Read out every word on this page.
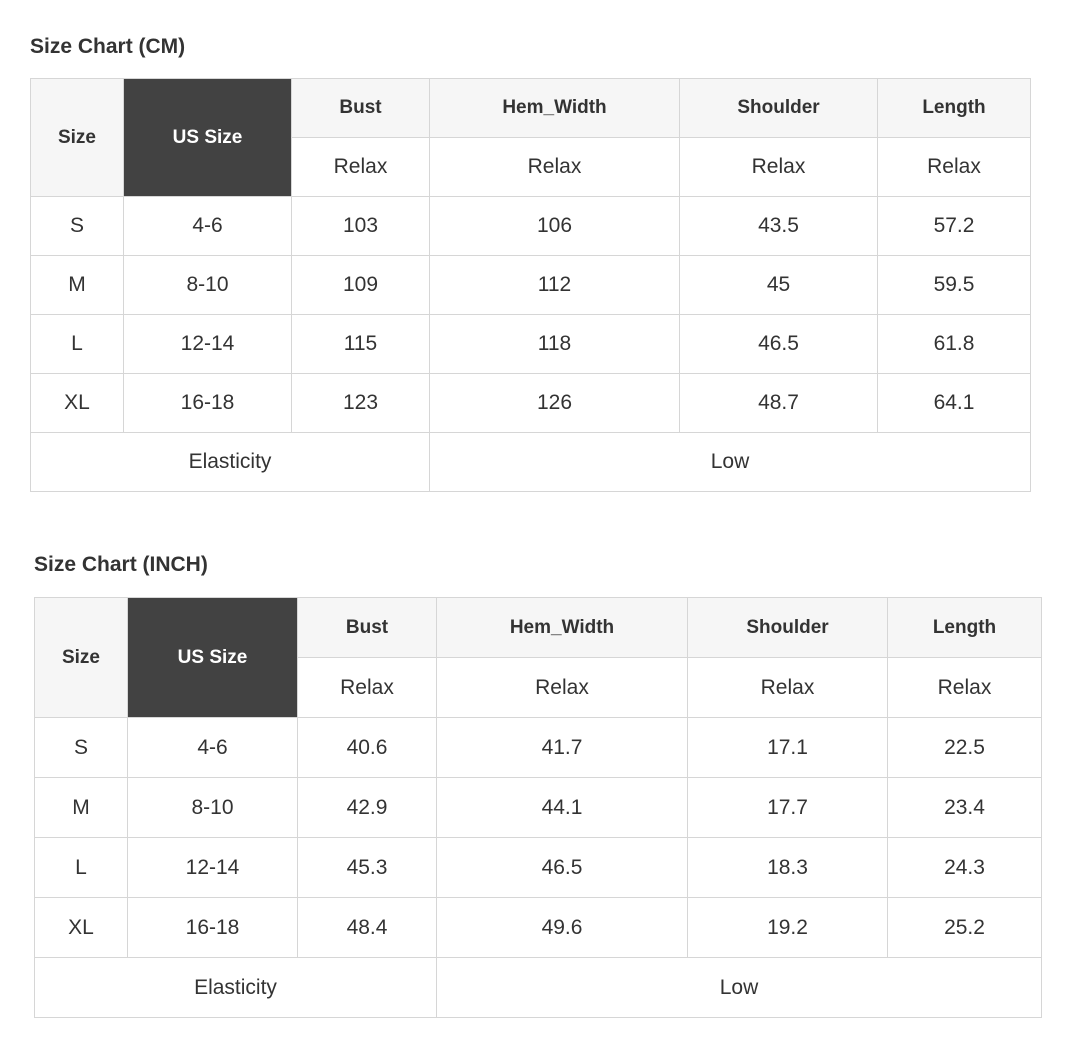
Size Chart (CM)
Size	US Size	Bust	Hem_Width	Shoulder	Length
		Relax	Relax	Relax	Relax
S	4-6	103	106	43.5	57.2
M	8-10	109	112	45	59.5
L	12-14	115	118	46.5	61.8
XL	16-18	123	126	48.7	64.1
Elasticity			Low		
Size Chart (INCH)
Size	US Size	Bust	Hem_Width	Shoulder	Length
		Relax	Relax	Relax	Relax
S	4-6	40.6	41.7	17.1	22.5
M	8-10	42.9	44.1	17.7	23.4
L	12-14	45.3	46.5	18.3	24.3
XL	16-18	48.4	49.6	19.2	25.2
Elasticity			Low		
